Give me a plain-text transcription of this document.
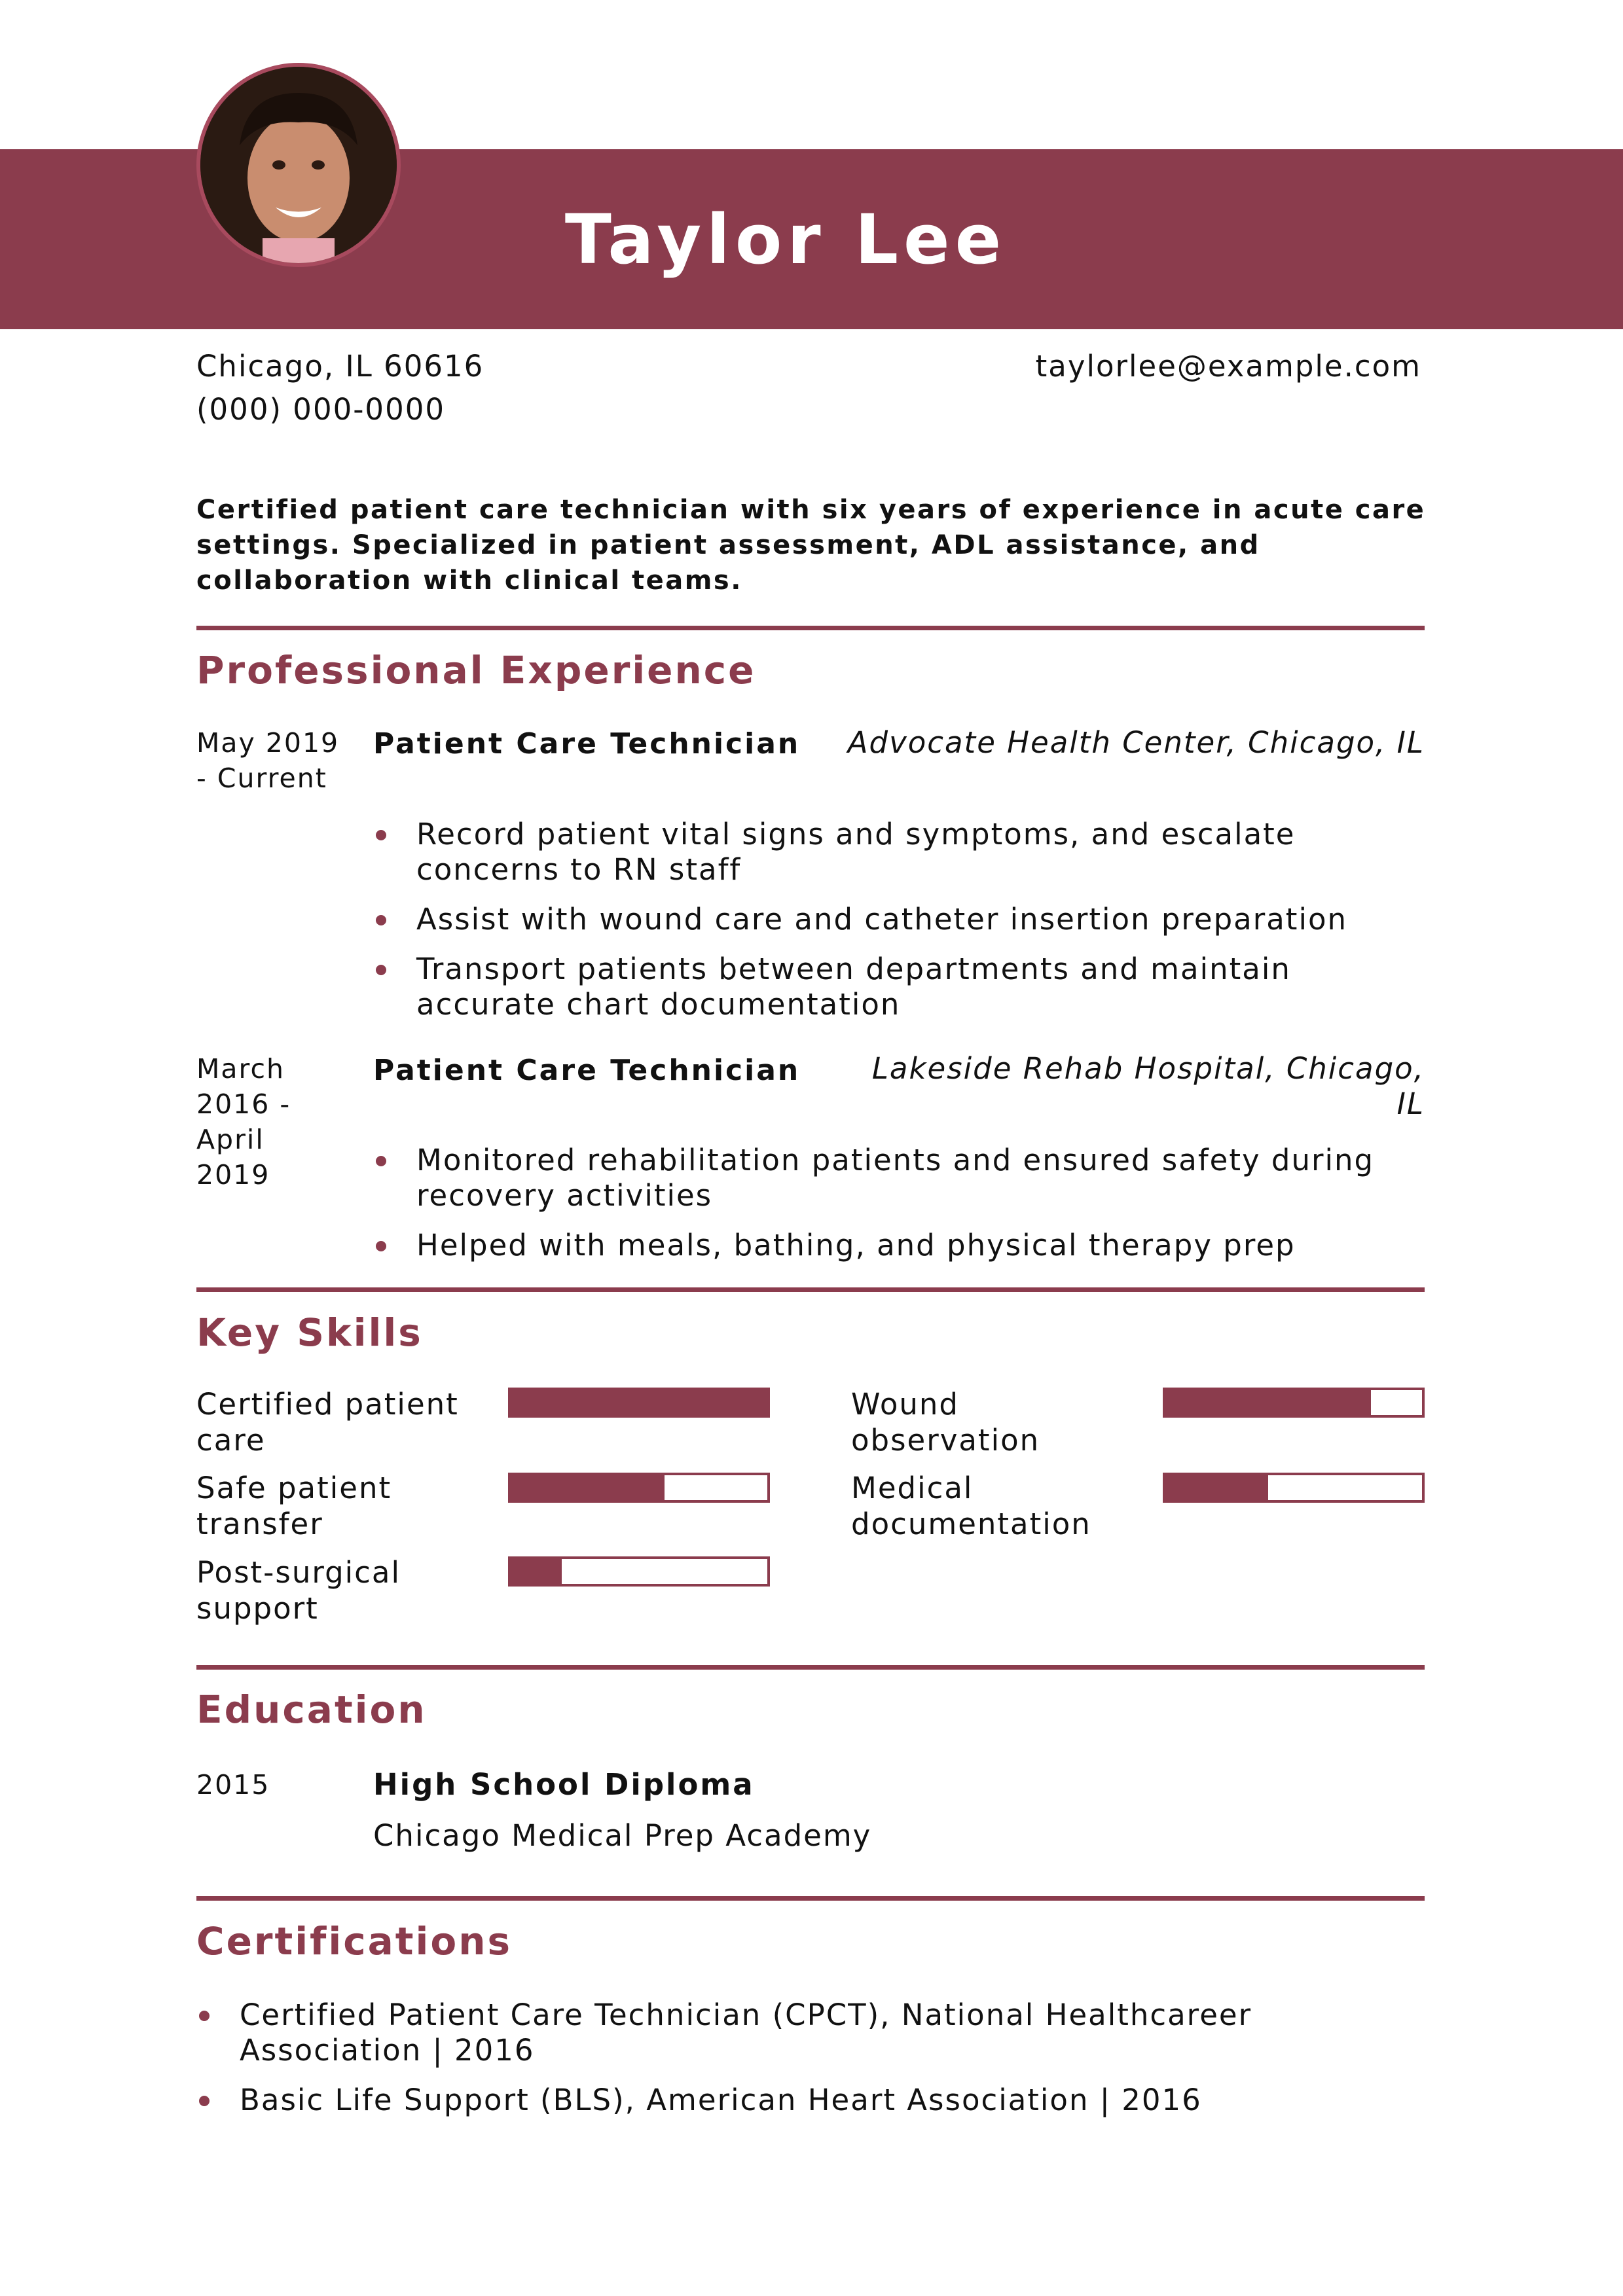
Taylor Lee
Chicago, IL 60616
(000) 000-0000
taylorlee@example.com
Certified patient care technician with six years of experience in acute care settings. Specialized in patient assessment, ADL assistance, and collaboration with clinical teams.
Professional Experience
May 2019 - Current
Patient Care Technician	Advocate Health Center, Chicago, IL
Record patient vital signs and symptoms, and escalate concerns to RN staff
Assist with wound care and catheter insertion preparation
Transport patients between departments and maintain accurate chart documentation
March 2016 - April 2019
Patient Care Technician	Lakeside Rehab Hospital, Chicago, IL
Monitored rehabilitation patients and ensured safety during recovery activities
Helped with meals, bathing, and physical therapy prep
Key Skills
Certified patient care
Wound observation
Safe patient transfer
Medical documentation
Post-surgical support
Education
2015	High School Diploma
Chicago Medical Prep Academy
Certifications
Certified Patient Care Technician (CPCT), National Healthcareer Association | 2016
Basic Life Support (BLS), American Heart Association | 2016
